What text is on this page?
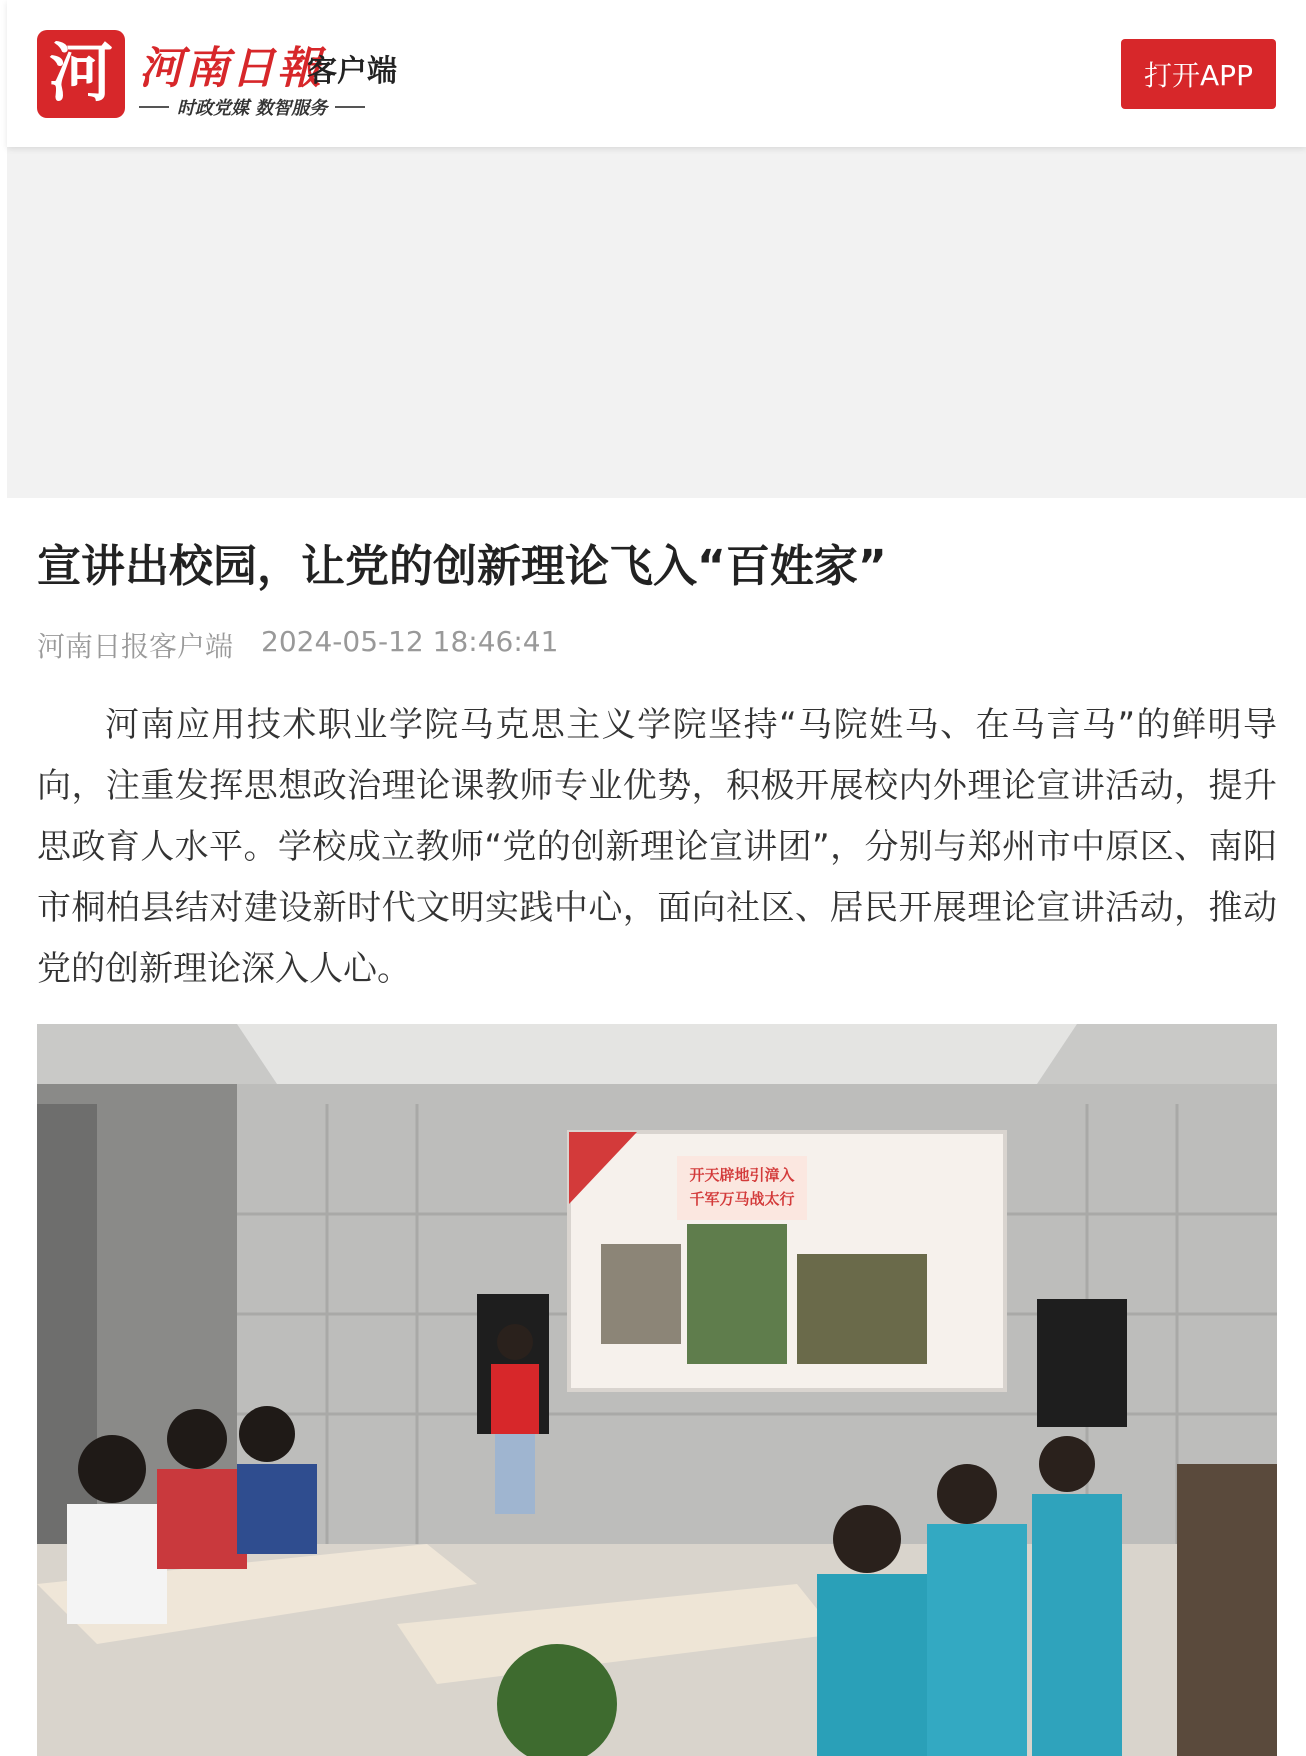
河 河南日報
客户端
时政党媒 数智服务
打开APP
宣讲出校园，让党的创新理论飞入“百姓家”
河南日报客户端 2024-05-12 18:46:41

河南应用技术职业学院马克思主义学院坚持“马院姓马、在马言马”的鲜明导向，注重发挥思想政治理论课教师专业优势，积极开展校内外理论宣讲活动，提升思政育人水平。学校成立教师“党的创新理论宣讲团”，分别与郑州市中原区、南阳市桐柏县结对建设新时代文明实践中心，面向社区、居民开展理论宣讲活动，推动党的创新理论深入人心。

开天辟地引漳入
千军万马战太行
